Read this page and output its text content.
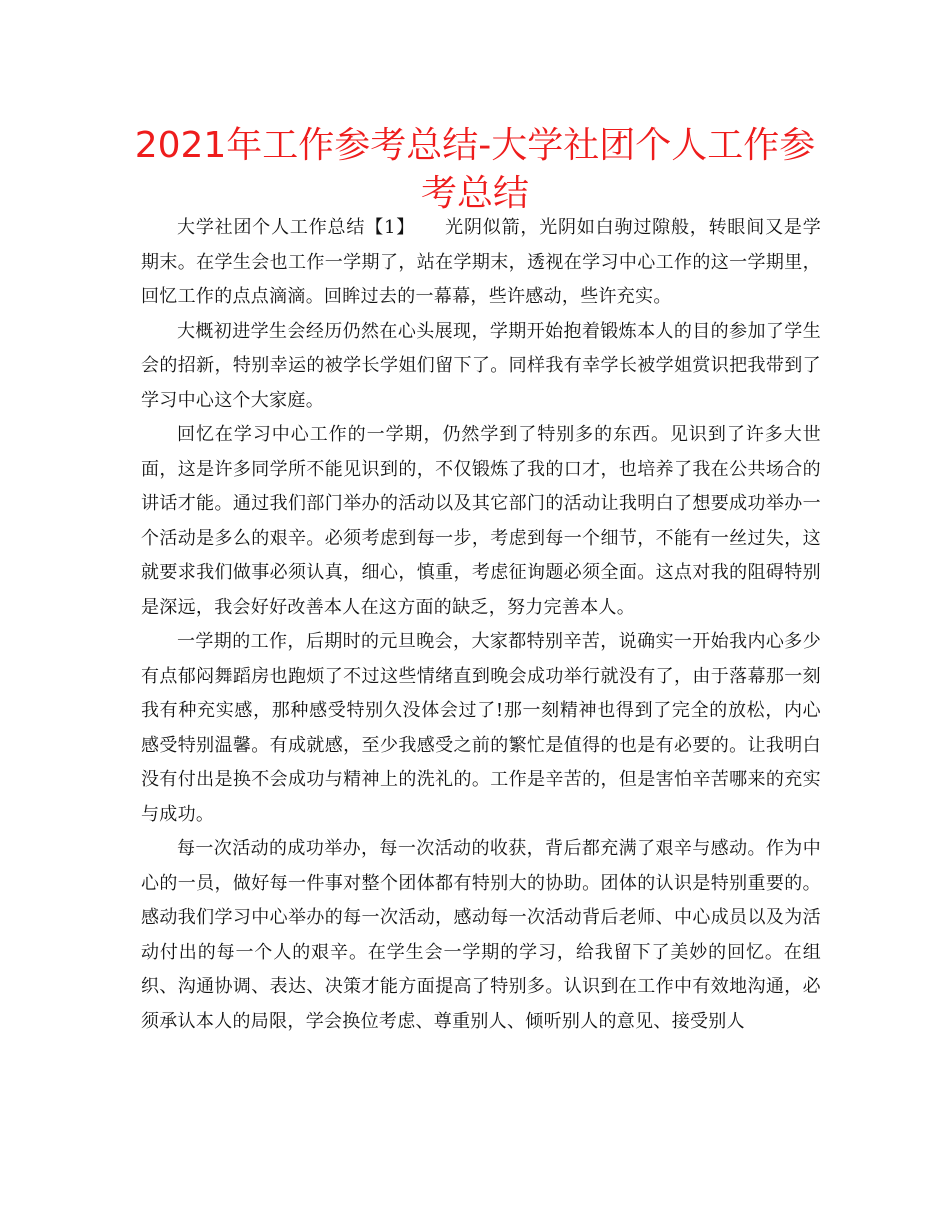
2021年工作参考总结-大学社团个人工作参考总结

大学社团个人工作总结【1】 光阴似箭，光阴如白驹过隙般，转眼间又是学期末。在学生会也工作一学期了，站在学期末，透视在学习中心工作的这一学期里，回忆工作的点点滴滴。回眸过去的一幕幕，些许感动，些许充实。

大概初进学生会经历仍然在心头展现，学期开始抱着锻炼本人的目的参加了学生会的招新，特别幸运的被学长学姐们留下了。同样我有幸学长被学姐赏识把我带到了学习中心这个大家庭。

回忆在学习中心工作的一学期，仍然学到了特别多的东西。见识到了许多大世面，这是许多同学所不能见识到的，不仅锻炼了我的口才，也培养了我在公共场合的讲话才能。通过我们部门举办的活动以及其它部门的活动让我明白了想要成功举办一个活动是多么的艰辛。必须考虑到每一步，考虑到每一个细节，不能有一丝过失，这就要求我们做事必须认真，细心，慎重，考虑征询题必须全面。这点对我的阻碍特别是深远，我会好好改善本人在这方面的缺乏，努力完善本人。

一学期的工作，后期时的元旦晚会，大家都特别辛苦，说确实一开始我内心多少有点郁闷舞蹈房也跑烦了不过这些情绪直到晚会成功举行就没有了，由于落幕那一刻我有种充实感，那种感受特别久没体会过了!那一刻精神也得到了完全的放松，内心感受特别温馨。有成就感，至少我感受之前的繁忙是值得的也是有必要的。让我明白没有付出是换不会成功与精神上的洗礼的。工作是辛苦的，但是害怕辛苦哪来的充实与成功。

每一次活动的成功举办，每一次活动的收获，背后都充满了艰辛与感动。作为中心的一员，做好每一件事对整个团体都有特别大的协助。团体的认识是特别重要的。感动我们学习中心举办的每一次活动，感动每一次活动背后老师、中心成员以及为活动付出的每一个人的艰辛。在学生会一学期的学习，给我留下了美妙的回忆。在组织、沟通协调、表达、决策才能方面提高了特别多。认识到在工作中有效地沟通，必须承认本人的局限，学会换位考虑、尊重别人、倾听别人的意见、接受别人
